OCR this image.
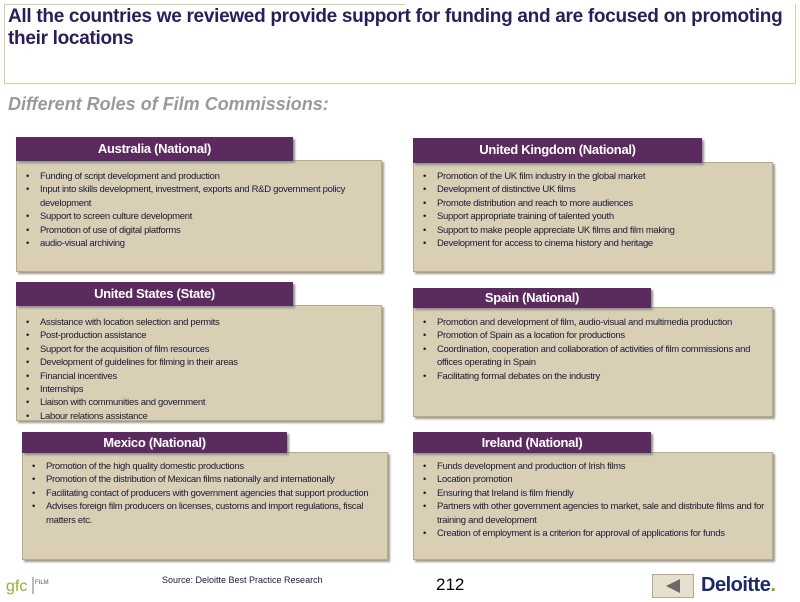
All the countries we reviewed provide support for funding and are focused on promoting their locations
Different Roles of Film Commissions:
Australia (National)
• Funding of script development and production
• Input into skills development, investment, exports and R&D government policy development
• Support to screen culture development
• Promotion of use of digital platforms
• audio-visual archiving
United Kingdom (National)
• Promotion of the UK film industry in the global market
• Development of distinctive UK films
• Promote distribution and reach to more audiences
• Support appropriate training of talented youth
• Support to make people appreciate UK films and film making
• Development for access to cinema history and heritage
United States (State)
• Assistance with location selection and permits
• Post-production assistance
• Support for the acquisition of film resources
• Development of guidelines for filming in their areas
• Financial incentives
• Internships
• Liaison with communities and government
• Labour relations assistance
Spain (National)
• Promotion and development of film, audio-visual and multimedia production
• Promotion of Spain as a location for productions
• Coordination, cooperation and collaboration of activities of film commissions and offices operating in Spain
• Facilitating formal debates on the industry
Mexico (National)
• Promotion of the high quality domestic productions
• Promotion of the distribution of Mexican films nationally and internationally
• Facilitating contact of producers with government agencies that support production
• Advises foreign film producers on licenses, customs and import regulations, fiscal matters etc.
Ireland (National)
• Funds development and production of Irish films
• Location promotion
• Ensuring that Ireland is film friendly
• Partners with other government agencies to market, sale and distribute films and for training and development
• Creation of employment is a criterion for approval of applications for funds
gfc FILM	Source: Deloitte Best Practice Research	212	Deloitte.
